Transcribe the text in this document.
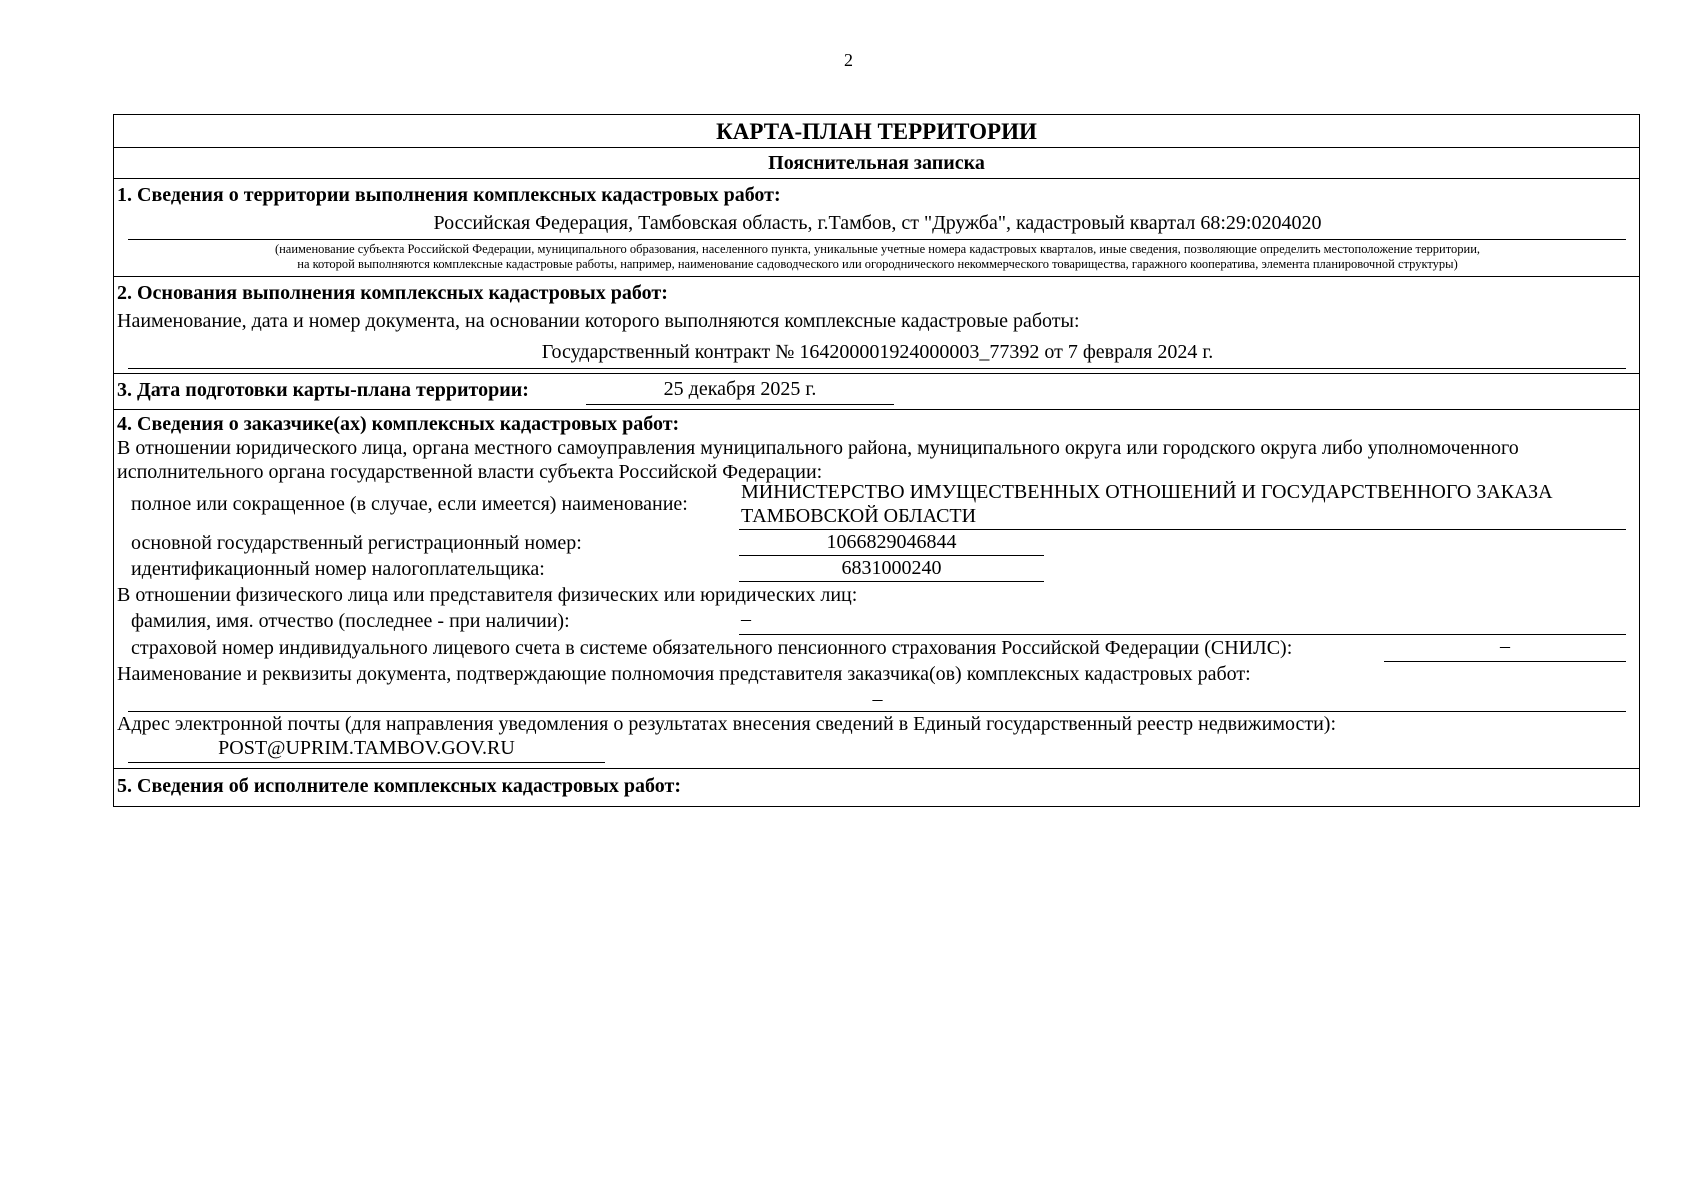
2
КАРТА-ПЛАН ТЕРРИТОРИИ
Пояснительная записка
1. Сведения о территории выполнения комплексных кадастровых работ:
Российская Федерация, Тамбовская область, г.Тамбов, ст "Дружба", кадастровый квартал 68:29:0204020
(наименование субъекта Российской Федерации, муниципального образования, населенного пункта, уникальные учетные номера кадастровых кварталов, иные сведения, позволяющие определить местоположение территории,
на которой выполняются комплексные кадастровые работы, например, наименование садоводческого или огороднического некоммерческого товарищества, гаражного кооператива, элемента планировочной структуры)
2. Основания выполнения комплексных кадастровых работ:
Наименование, дата и номер документа, на основании которого выполняются комплексные кадастровые работы:
Государственный контракт № 164200001924000003_77392 от 7 февраля 2024 г.
3. Дата подготовки карты-плана территории:	25 декабря 2025 г.
4. Сведения о заказчике(ах) комплексных кадастровых работ:
В отношении юридического лица, органа местного самоуправления муниципального района, муниципального округа или городского округа либо уполномоченного
исполнительного органа государственной власти субъекта Российской Федерации:
полное или сокращенное (в случае, если имеется) наименование:
МИНИСТЕРСТВО ИМУЩЕСТВЕННЫХ ОТНОШЕНИЙ И ГОСУДАРСТВЕННОГО ЗАКАЗА
ТАМБОВСКОЙ ОБЛАСТИ
основной государственный регистрационный номер:	1066829046844
идентификационный номер налогоплательщика:	6831000240
В отношении физического лица или представителя физических или юридических лиц:
фамилия, имя. отчество (последнее - при наличии):	–
страховой номер индивидуального лицевого счета в системе обязательного пенсионного страхования Российской Федерации (СНИЛС):	–
Наименование и реквизиты документа, подтверждающие полномочия представителя заказчика(ов) комплексных кадастровых работ:
–
Адрес электронной почты (для направления уведомления о результатах внесения сведений в Единый государственный реестр недвижимости):
POST@UPRIM.TAMBOV.GOV.RU
5. Сведения об исполнителе комплексных кадастровых работ:
